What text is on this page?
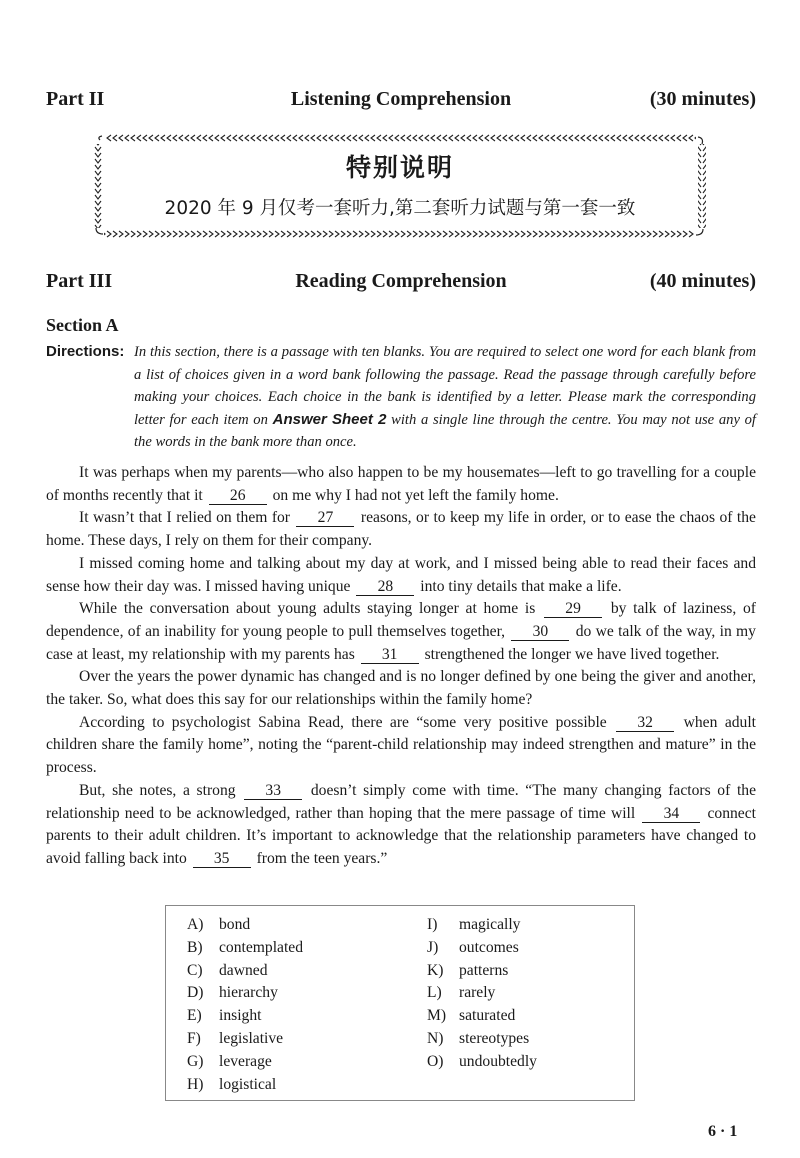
Part II	Listening Comprehension	(30 minutes)
特别说明
2020 年 9 月仅考一套听力,第二套听力试题与第一套一致
Part III	Reading Comprehension	(40 minutes)
Section A
Directions: In this section, there is a passage with ten blanks. You are required to select one word for each blank from a list of choices given in a word bank following the passage. Read the passage through carefully before making your choices. Each choice in the bank is identified by a letter. Please mark the corresponding letter for each item on Answer Sheet 2 with a single line through the centre. You may not use any of the words in the bank more than once.

It was perhaps when my parents—who also happen to be my housemates—left to go travelling for a couple of months recently that it 26 on me why I had not yet left the family home.

It wasn’t that I relied on them for 27 reasons, or to keep my life in order, or to ease the chaos of the home. These days, I rely on them for their company.

I missed coming home and talking about my day at work, and I missed being able to read their faces and sense how their day was. I missed having unique 28 into tiny details that make a life.

While the conversation about young adults staying longer at home is 29 by talk of laziness, of dependence, of an inability for young people to pull themselves together, 30 do we talk of the way, in my case at least, my relationship with my parents has 31 strengthened the longer we have lived together.

Over the years the power dynamic has changed and is no longer defined by one being the giver and another, the taker. So, what does this say for our relationships within the family home?

According to psychologist Sabina Read, there are “some very positive possible 32 when adult children share the family home”, noting the “parent-child relationship may indeed strengthen and mature” in the process.

But, she notes, a strong 33 doesn’t simply come with time. “The many changing factors of the relationship need to be acknowledged, rather than hoping that the mere passage of time will 34 connect parents to their adult children. It’s important to acknowledge that the relationship parameters have changed to avoid falling back into 35 from the teen years.”

A) bond
B)	contemplated
C)	dawned
D) hierarchy
E)	insight
F)	legislative
G) leverage
H) logistical
I)	magically
J)	outcomes
K) patterns
L)	rarely
M) saturated
N) stereotypes
O) undoubtedly
6 · 1
